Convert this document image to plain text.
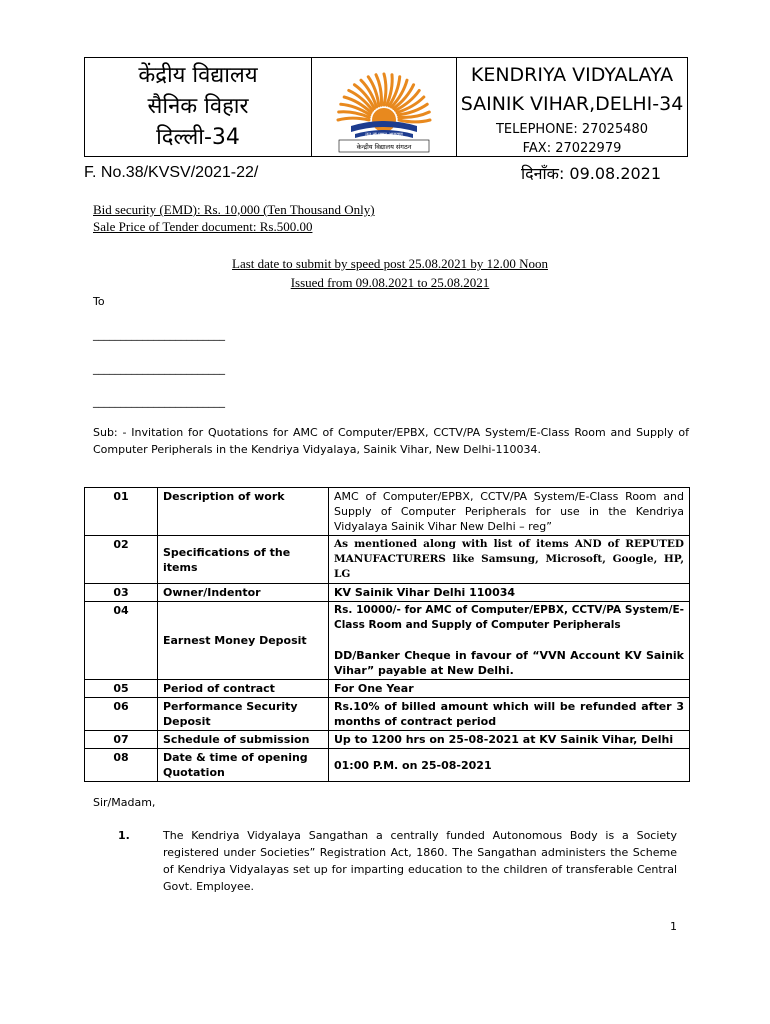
केंद्रीय विद्यालय
सैनिक विहार
दिल्ली-34	तत् त्वं पूषन् अपावृणु
केन्द्रीय विद्यालय संगठन
KENDRIYA VIDYALAYA
SAINIK VIHAR,DELHI-34
TELEPHONE: 27025480
FAX: 27022979
F. No.38/KVSV/2021-22/	दिनाँक: 09.08.2021
Bid security (EMD): Rs. 10,000 (Ten Thousand Only)
Sale Price of Tender document: Rs.500.00
Last date to submit by speed post 25.08.2021 by 12.00 Noon
Issued from 09.08.2021 to 25.08.2021
To
________________________
________________________
________________________
Sub: - Invitation for Quotations for AMC of Computer/EPBX, CCTV/PA System/E-Class Room and Supply of Computer Peripherals in the Kendriya Vidyalaya, Sainik Vihar, New Delhi-110034.
01	Description of work	AMC of Computer/EPBX, CCTV/PA System/E-Class Room and Supply of Computer Peripherals for use in the Kendriya Vidyalaya Sainik Vihar New Delhi – reg”
02	Specifications of the items	As mentioned along with list of items AND of REPUTED MANUFACTURERS like Samsung, Microsoft, Google, HP, LG
03	Owner/Indentor	KV Sainik Vihar Delhi 110034
04	Earnest Money Deposit	Rs. 10000/- for AMC of Computer/EPBX, CCTV/PA System/E-Class Room and Supply of Computer Peripherals
DD/Banker Cheque in favour of “VVN Account KV Sainik Vihar” payable at New Delhi.

05	Period of contract	For One Year
06	Performance Security Deposit	Rs.10% of billed amount which will be refunded after 3 months of contract period
07	Schedule of submission	Up to 1200 hrs on 25-08-2021 at KV Sainik Vihar, Delhi
08	Date & time of opening Quotation	01:00 P.M. on 25-08-2021
Sir/Madam,
1.	The Kendriya Vidyalaya Sangathan a centrally funded Autonomous Body is a Society registered under Societies” Registration Act, 1860. The Sangathan administers the Scheme of Kendriya Vidyalayas set up for imparting education to the children of transferable Central Govt. Employee.
1
